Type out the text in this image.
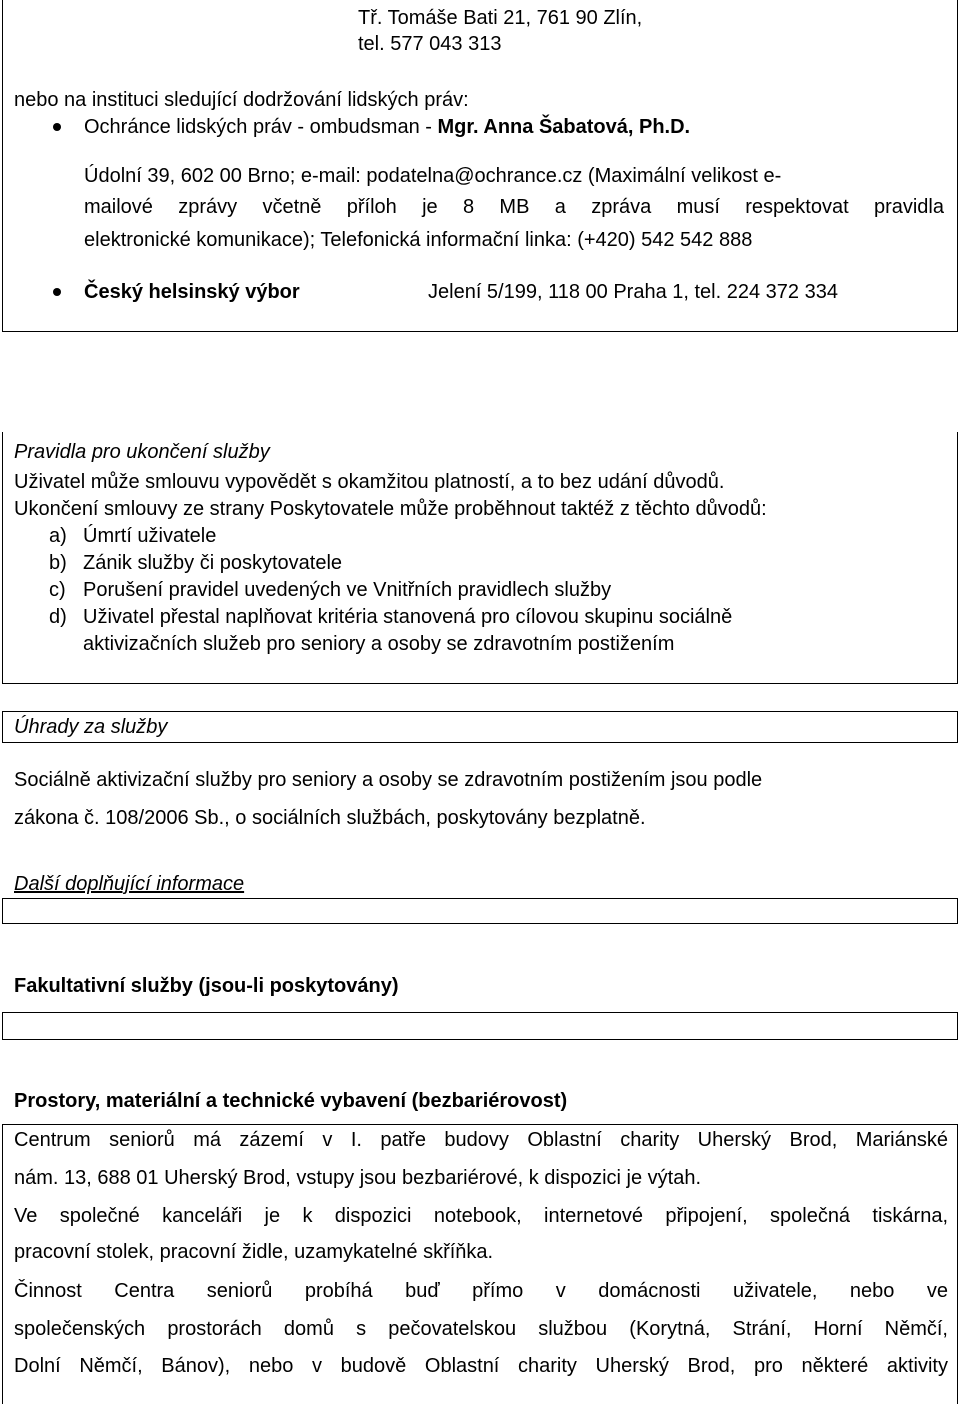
Tř. Tomáše Bati 21, 761 90 Zlín,
tel. 577 043 313
nebo na instituci sledující dodržování lidských práv:
Ochránce lidských práv - ombudsman - Mgr. Anna Šabatová, Ph.D.
Údolní 39, 602 00 Brno; e-mail: podatelna@ochrance.cz (Maximální velikost e-
mailové zprávy včetně příloh je 8 MB a zpráva musí respektovat pravidla
elektronické komunikace); Telefonická informační linka: (+420) 542 542 888
Český helsinský výbor	Jelení 5/199, 118 00 Praha 1, tel. 224 372 334
Pravidla pro ukončení služby
Uživatel může smlouvu vypovědět s okamžitou platností, a to bez udání důvodů.
Ukončení smlouvy ze strany Poskytovatele může proběhnout taktéž z těchto důvodů:
a) Úmrtí uživatele
b) Zánik služby či poskytovatele
c) Porušení pravidel uvedených ve Vnitřních pravidlech služby
d) Uživatel přestal naplňovat kritéria stanovená pro cílovou skupinu sociálně
aktivizačních služeb pro seniory a osoby se zdravotním postižením
Úhrady za služby
Sociálně aktivizační služby pro seniory a osoby se zdravotním postižením jsou podle
zákona č. 108/2006 Sb., o sociálních službách, poskytovány bezplatně.
Další doplňující informace
Fakultativní služby (jsou-li poskytovány)
Prostory, materiální a technické vybavení (bezbariérovost)
Centrum seniorů má zázemí v I. patře budovy Oblastní charity Uherský Brod, Mariánské
nám. 13, 688 01 Uherský Brod, vstupy jsou bezbariérové, k dispozici je výtah.
Ve společné kanceláři je k dispozici notebook, internetové připojení, společná tiskárna,
pracovní stolek, pracovní židle, uzamykatelné skříňka.
Činnost Centra seniorů probíhá buď přímo v domácnosti uživatele, nebo ve
společenských prostorách domů s pečovatelskou službou (Korytná, Strání, Horní Němčí,
Dolní Němčí, Bánov), nebo v budově Oblastní charity Uherský Brod, pro některé aktivity
